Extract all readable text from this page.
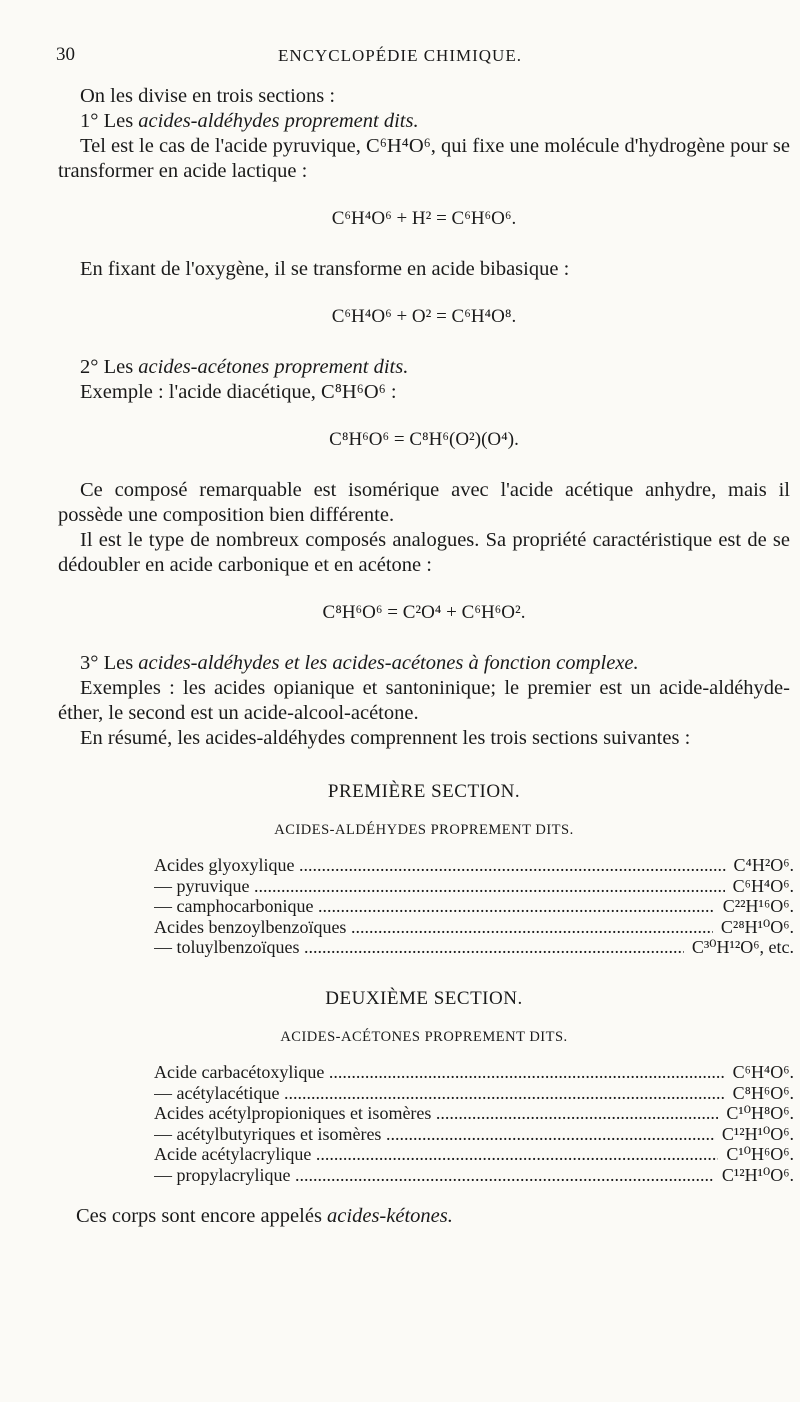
30	ENCYCLOPÉDIE CHIMIQUE.

On les divise en trois sections :

1° Les acides-aldéhydes proprement dits.

Tel est le cas de l'acide pyruvique, C⁶H⁴O⁶, qui fixe une molécule d'hydrogène pour se transformer en acide lactique :

C⁶H⁴O⁶ + H² = C⁶H⁶O⁶.

En fixant de l'oxygène, il se transforme en acide bibasique :

C⁶H⁴O⁶ + O² = C⁶H⁴O⁸.

2° Les acides-acétones proprement dits.

Exemple : l'acide diacétique, C⁸H⁶O⁶ :

C⁸H⁶O⁶ = C⁸H⁶(O²)(O⁴).

Ce composé remarquable est isomérique avec l'acide acétique anhydre, mais il possède une composition bien différente.

Il est le type de nombreux composés analogues. Sa propriété caractéristique est de se dédoubler en acide carbonique et en acétone :

C⁸H⁶O⁶ = C²O⁴ + C⁶H⁶O².

3° Les acides-aldéhydes et les acides-acétones à fonction complexe.

Exemples : les acides opianique et santoninique; le premier est un acide-aldéhyde-éther, le second est un acide-alcool-acétone.

En résumé, les acides-aldéhydes comprennent les trois sections suivantes :

PREMIÈRE SECTION.
ACIDES-ALDÉHYDES PROPREMENT DITS.
Acides glyoxylique .....	C⁴H²O⁶.
— pyruvique .....	C⁶H⁴O⁶.
— camphocarbonique .....	C²²H¹⁶O⁶.
Acides benzoylbenzoïques .....	C²⁸H¹⁰O⁶.
— toluylbenzoïques .....	C³⁰H¹²O⁶, etc.
DEUXIÈME SECTION.
ACIDES-ACÉTONES PROPREMENT DITS.
Acide carbacétoxylique .....	C⁶H⁴O⁶.
— acétylacétique .....	C⁸H⁶O⁶.
Acides acétylpropioniques et isomères .....	C¹⁰H⁸O⁶.
— acétylbutyriques et isomères .....	C¹²H¹⁰O⁶.
Acide acétylacrylique .....	C¹⁰H⁶O⁶.
— propylacrylique .....	C¹²H¹⁰O⁶.

Ces corps sont encore appelés acides-kétones.
